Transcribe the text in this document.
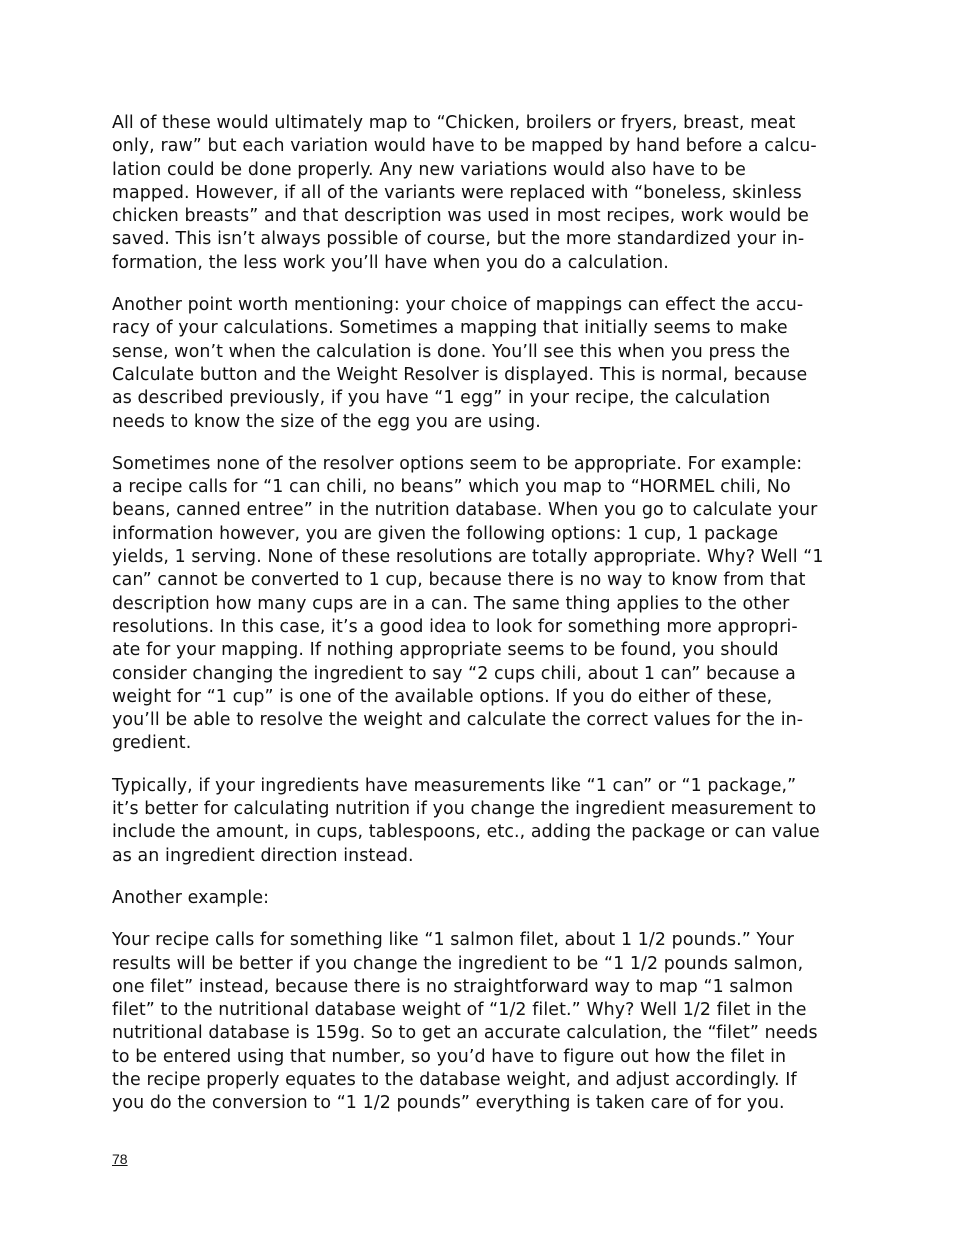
All of these would ultimately map to “Chicken, broilers or fryers, breast, meat
only, raw” but each variation would have to be mapped by hand before a calcu-
lation could be done properly. Any new variations would also have to be
mapped. However, if all of the variants were replaced with “boneless, skinless
chicken breasts” and that description was used in most recipes, work would be
saved. This isn’t always possible of course, but the more standardized your in-
formation, the less work you’ll have when you do a calculation.

Another point worth mentioning: your choice of mappings can effect the accu-
racy of your calculations. Sometimes a mapping that initially seems to make
sense, won’t when the calculation is done. You’ll see this when you press the
Calculate button and the Weight Resolver is displayed. This is normal, because
as described previously, if you have “1 egg” in your recipe, the calculation
needs to know the size of the egg you are using.

Sometimes none of the resolver options seem to be appropriate. For example:
a recipe calls for “1 can chili, no beans” which you map to “HORMEL chili, No
beans, canned entree” in the nutrition database. When you go to calculate your
information however, you are given the following options: 1 cup, 1 package
yields, 1 serving. None of these resolutions are totally appropriate. Why? Well “1
can” cannot be converted to 1 cup, because there is no way to know from that
description how many cups are in a can. The same thing applies to the other
resolutions. In this case, it’s a good idea to look for something more appropri-
ate for your mapping. If nothing appropriate seems to be found, you should
consider changing the ingredient to say “2 cups chili, about 1 can” because a
weight for “1 cup” is one of the available options. If you do either of these,
you’ll be able to resolve the weight and calculate the correct values for the in-
gredient.

Typically, if your ingredients have measurements like “1 can” or “1 package,”
it’s better for calculating nutrition if you change the ingredient measurement to
include the amount, in cups, tablespoons, etc., adding the package or can value
as an ingredient direction instead.

Another example:

Your recipe calls for something like “1 salmon filet, about 1 1/2 pounds.” Your
results will be better if you change the ingredient to be “1 1/2 pounds salmon,
one filet” instead, because there is no straightforward way to map “1 salmon
filet” to the nutritional database weight of “1/2 filet.” Why? Well 1/2 filet in the
nutritional database is 159g. So to get an accurate calculation, the “filet” needs
to be entered using that number, so you’d have to figure out how the filet in
the recipe properly equates to the database weight, and adjust accordingly. If
you do the conversion to “1 1/2 pounds” everything is taken care of for you.

78
